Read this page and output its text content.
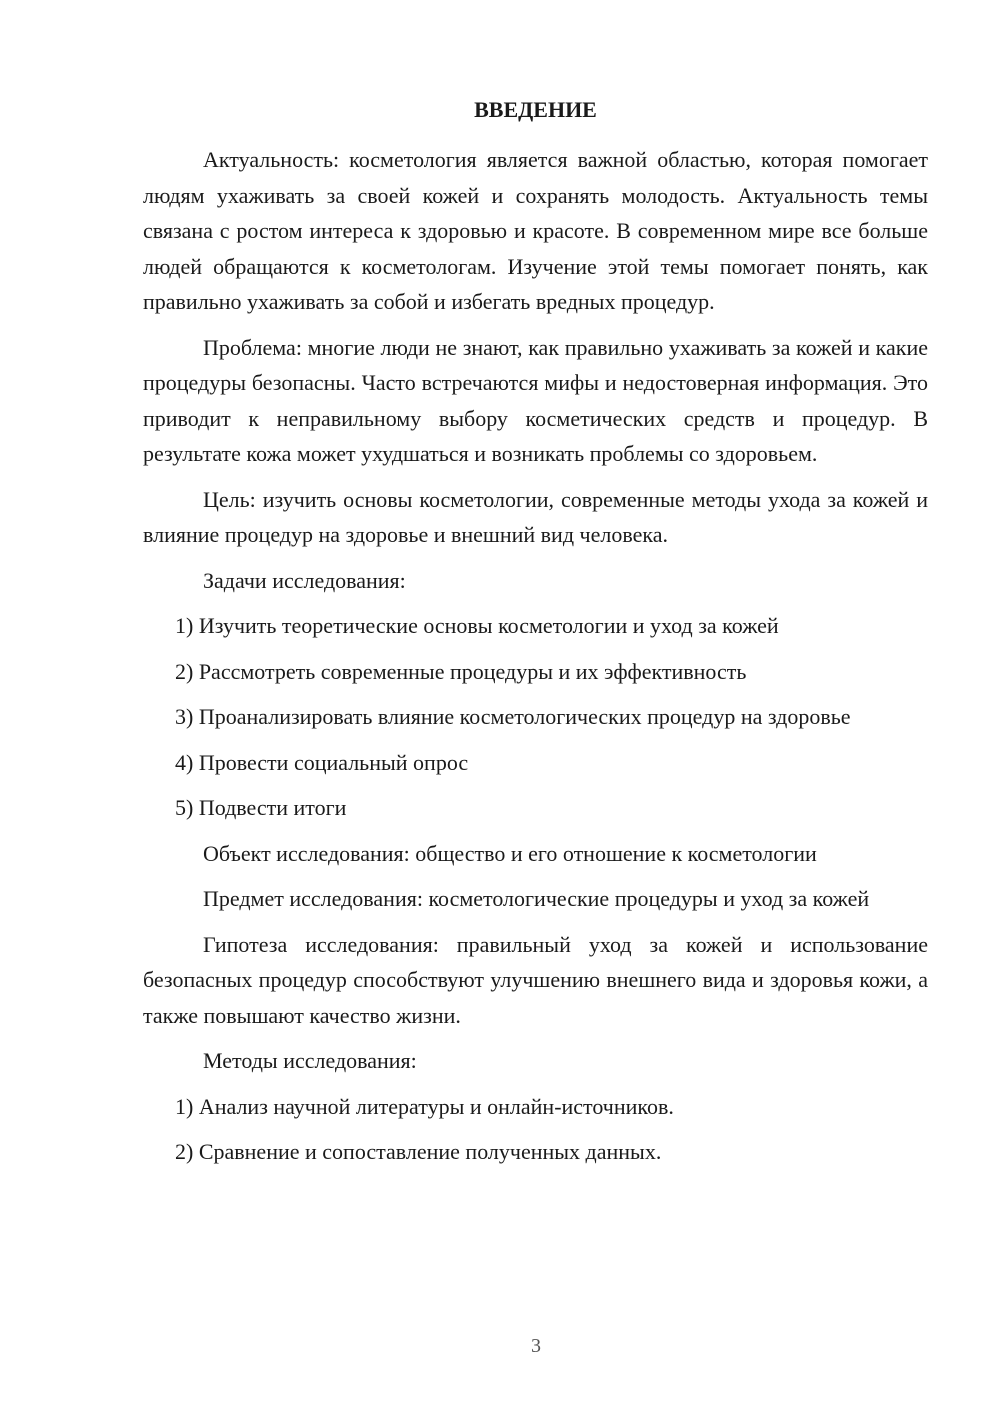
ВВЕДЕНИЕ

Актуальность: косметология является важной областью, которая помогает людям ухаживать за своей кожей и сохранять молодость. Актуальность темы связана с ростом интереса к здоровью и красоте. В современном мире все больше людей обращаются к косметологам. Изучение этой темы помогает понять, как правильно ухаживать за собой и избегать вредных процедур.

Проблема: многие люди не знают, как правильно ухаживать за кожей и какие процедуры безопасны. Часто встречаются мифы и недостоверная информация. Это приводит к неправильному выбору косметических средств и процедур. В результате кожа может ухудшаться и возникать проблемы со здоровьем.

Цель: изучить основы косметологии, современные методы ухода за кожей и влияние процедур на здоровье и внешний вид человека.

Задачи исследования:

1) Изучить теоретические основы косметологии и уход за кожей

2) Рассмотреть современные процедуры и их эффективность

3) Проанализировать влияние косметологических процедур на здоровье

4) Провести социальный опрос

5) Подвести итоги

Объект исследования: общество и его отношение к косметологии

Предмет исследования: косметологические процедуры и уход за кожей

Гипотеза исследования: правильный уход за кожей и использование безопасных процедур способствуют улучшению внешнего вида и здоровья кожи, а также повышают качество жизни.

Методы исследования:

1) Анализ научной литературы и онлайн-источников.

2) Сравнение и сопоставление полученных данных.

3
